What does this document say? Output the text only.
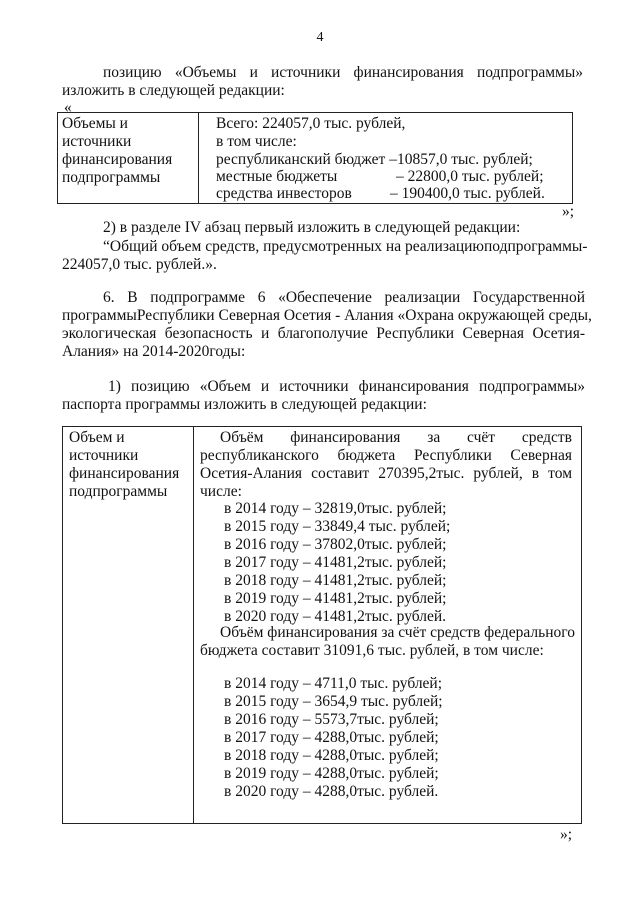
4
позицию «Объемы и источники финансирования подпрограммы»
изложить в следующей редакции:
«
Объемы и
источники
финансирования
подпрограммы
Всего: 224057,0 тыс. рублей,
в том числе:
республиканский бюджет –10857,0 тыс. рублей;
местные бюджеты	– 22800,0 тыс. рублей;
средства инвесторов – 190400,0 тыс. рублей.
»;
2) в разделе IV абзац первый изложить в следующей редакции:
“Общий объем средств, предусмотренных на реализациюподпрограммы-
224057,0 тыс. рублей.».
6. В подпрограмме 6 «Обеспечение реализации Государственной
программыРеспублики Северная Осетия - Алания «Охрана окружающей среды,
экологическая безопасность и благополучие Республики Северная Осетия-
Алания» на 2014-2020годы:
1) позицию «Объем и источники финансирования подпрограммы»
паспорта программы изложить в следующей редакции:
Объем и
источники
финансирования
подпрограммы
Объём финансирования за счёт средств
республиканского бюджета Республики Северная
Осетия-Алания составит 270395,2тыс. рублей, в том
числе:
в 2014 году – 32819,0тыс. рублей;
в 2015 году – 33849,4 тыс. рублей;
в 2016 году – 37802,0тыс. рублей;
в 2017 году – 41481,2тыс. рублей;
в 2018 году – 41481,2тыс. рублей;
в 2019 году – 41481,2тыс. рублей;
в 2020 году – 41481,2тыс. рублей.
Объём финансирования за счёт средств федерального
бюджета составит 31091,6 тыс. рублей, в том числе:
в 2014 году – 4711,0 тыс. рублей;
в 2015 году – 3654,9 тыс. рублей;
в 2016 году – 5573,7тыс. рублей;
в 2017 году – 4288,0тыс. рублей;
в 2018 году – 4288,0тыс. рублей;
в 2019 году – 4288,0тыс. рублей;
в 2020 году – 4288,0тыс. рублей.
»;
